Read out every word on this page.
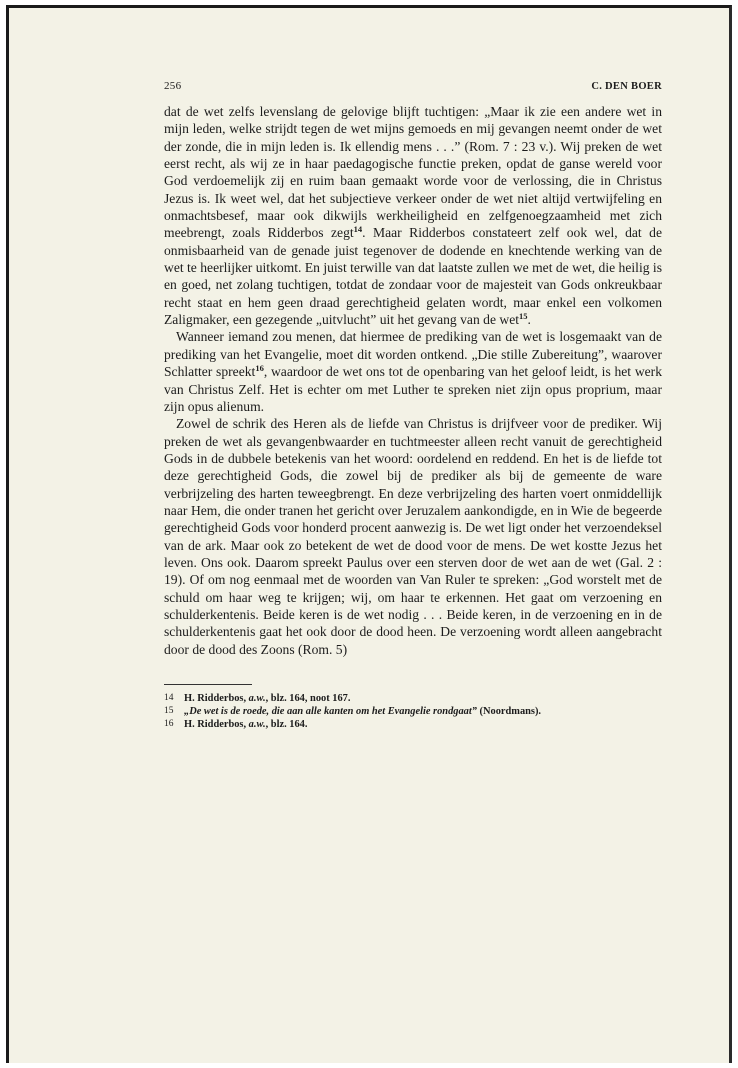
256	C. DEN BOER

dat de wet zelfs levenslang de gelovige blijft tuchtigen: „Maar ik zie een andere wet in mijn leden, welke strijdt tegen de wet mijns gemoeds en mij gevangen neemt onder de wet der zonde, die in mijn leden is. Ik ellendig mens . . .” (Rom. 7 : 23 v.). Wij preken de wet eerst recht, als wij ze in haar paedagogische functie preken, opdat de ganse wereld voor God verdoemelijk zij en ruim baan gemaakt worde voor de verlossing, die in Christus Jezus is. Ik weet wel, dat het subjectieve verkeer onder de wet niet altijd vertwijfeling en onmachtsbesef, maar ook dikwijls werkheiligheid en zelfgenoegzaamheid met zich meebrengt, zoals Ridderbos zegt$^{14}$. Maar Ridderbos constateert zelf ook wel, dat de onmisbaarheid van de genade juist tegenover de dodende en knechtende werking van de wet te heerlijker uitkomt. En juist terwille van dat laatste zullen we met de wet, die heilig is en goed, net zolang tuchtigen, totdat de zondaar voor de majesteit van Gods onkreukbaar recht staat en hem geen draad gerechtigheid gelaten wordt, maar enkel een volkomen Zaligmaker, een gezegende „uitvlucht” uit het gevang van de wet$^{15}$.

Wanneer iemand zou menen, dat hiermee de prediking van de wet is losgemaakt van de prediking van het Evangelie, moet dit worden ontkend. „Die stille Zubereitung”, waarover Schlatter spreekt$^{16}$, waardoor de wet ons tot de openbaring van het geloof leidt, is het werk van Christus Zelf. Het is echter om met Luther te spreken niet zijn opus proprium, maar zijn opus alienum.

Zowel de schrik des Heren als de liefde van Christus is drijfveer voor de prediker. Wij preken de wet als gevangenbwaarder en tuchtmeester alleen recht vanuit de gerechtigheid Gods in de dubbele betekenis van het woord: oordelend en reddend. En het is de liefde tot deze gerechtigheid Gods, die zowel bij de prediker als bij de gemeente de ware verbrijzeling des harten teweegbrengt. En deze verbrijzeling des harten voert onmiddellijk naar Hem, die onder tranen het gericht over Jeruzalem aankondigde, en in Wie de begeerde gerechtigheid Gods voor honderd procent aanwezig is. De wet ligt onder het verzoendeksel van de ark. Maar ook zo betekent de wet de dood voor de mens. De wet kostte Jezus het leven. Ons ook. Daarom spreekt Paulus over een sterven door de wet aan de wet (Gal. 2 : 19). Of om nog eenmaal met de woorden van Van Ruler te spreken: „God worstelt met de schuld om haar weg te krijgen; wij, om haar te erkennen. Het gaat om verzoening en schulderkentenis. Beide keren is de wet nodig . . . Beide keren, in de verzoening en in de schulderkentenis gaat het ook door de dood heen. De verzoening wordt alleen aangebracht door de dood des Zoons (Rom. 5)

14	H. Ridderbos, a.w., blz. 164, noot 167.
15	„De wet is de roede, die aan alle kanten om het Evangelie rondgaat” (Noordmans).
16	H. Ridderbos, a.w., blz. 164.
